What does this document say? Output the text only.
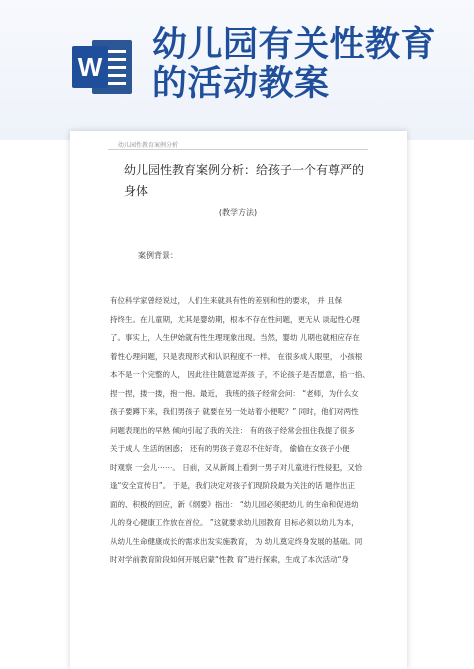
W
幼儿园有关性教育
的活动教案
幼儿园性教育案例分析
幼儿园性教育案例分析：给孩子一个有尊严的身体
(教学方法)
案例背景：
有位科学家曾经说过， 人们生来就具有性的差别和性的要求， 并 且保
持终生。在儿童期，尤其是婴幼期，根本不存在性问题，更无从 谈起性心理
了。事实上，人生伊始就有性生理现象出现。当然，婴幼 儿期也就相应存在
着性心理问题，只是表现形式和认识程度不一样。 在很多成人眼里， 小孩根
本不是一个完整的人， 因此往往随意逗弄孩 子，不论孩子是否愿意，掐一掐、
捏一捏，搂一搂，抱一抱。最近， 我班的孩子经常会问： “老师，为什么女
孩子要蹲下来，我们男孩子 就要在另一处站着小便呢？” 同时，他们对两性
问题表现出的早熟 倾向引起了我的关注： 有的孩子经常会扭住我提了很多
关于成人 生活的困惑； 还有的男孩子竟忍不住好奇， 偷偷在女孩子小便
时观察 一会儿⋯⋯。 日前，又从新闻上看到一男子对儿童进行性侵犯，又恰
逢“安全宣传日”。 于是，我们决定对孩子们现阶段最为关注的话 题作出正
面的、积极的回应，新《纲要》指出： “幼儿园必须把幼儿 的生命和促进幼
儿的身心健康工作放在首位。 ”这就要求幼儿园教育 目标必须以幼儿为本，
从幼儿生命健康成长的需求出发实施教育， 为 幼儿奠定终身发展的基础。同
时对学前教育阶段如何开展启蒙“性教 育”进行探索，生成了本次活动“身
